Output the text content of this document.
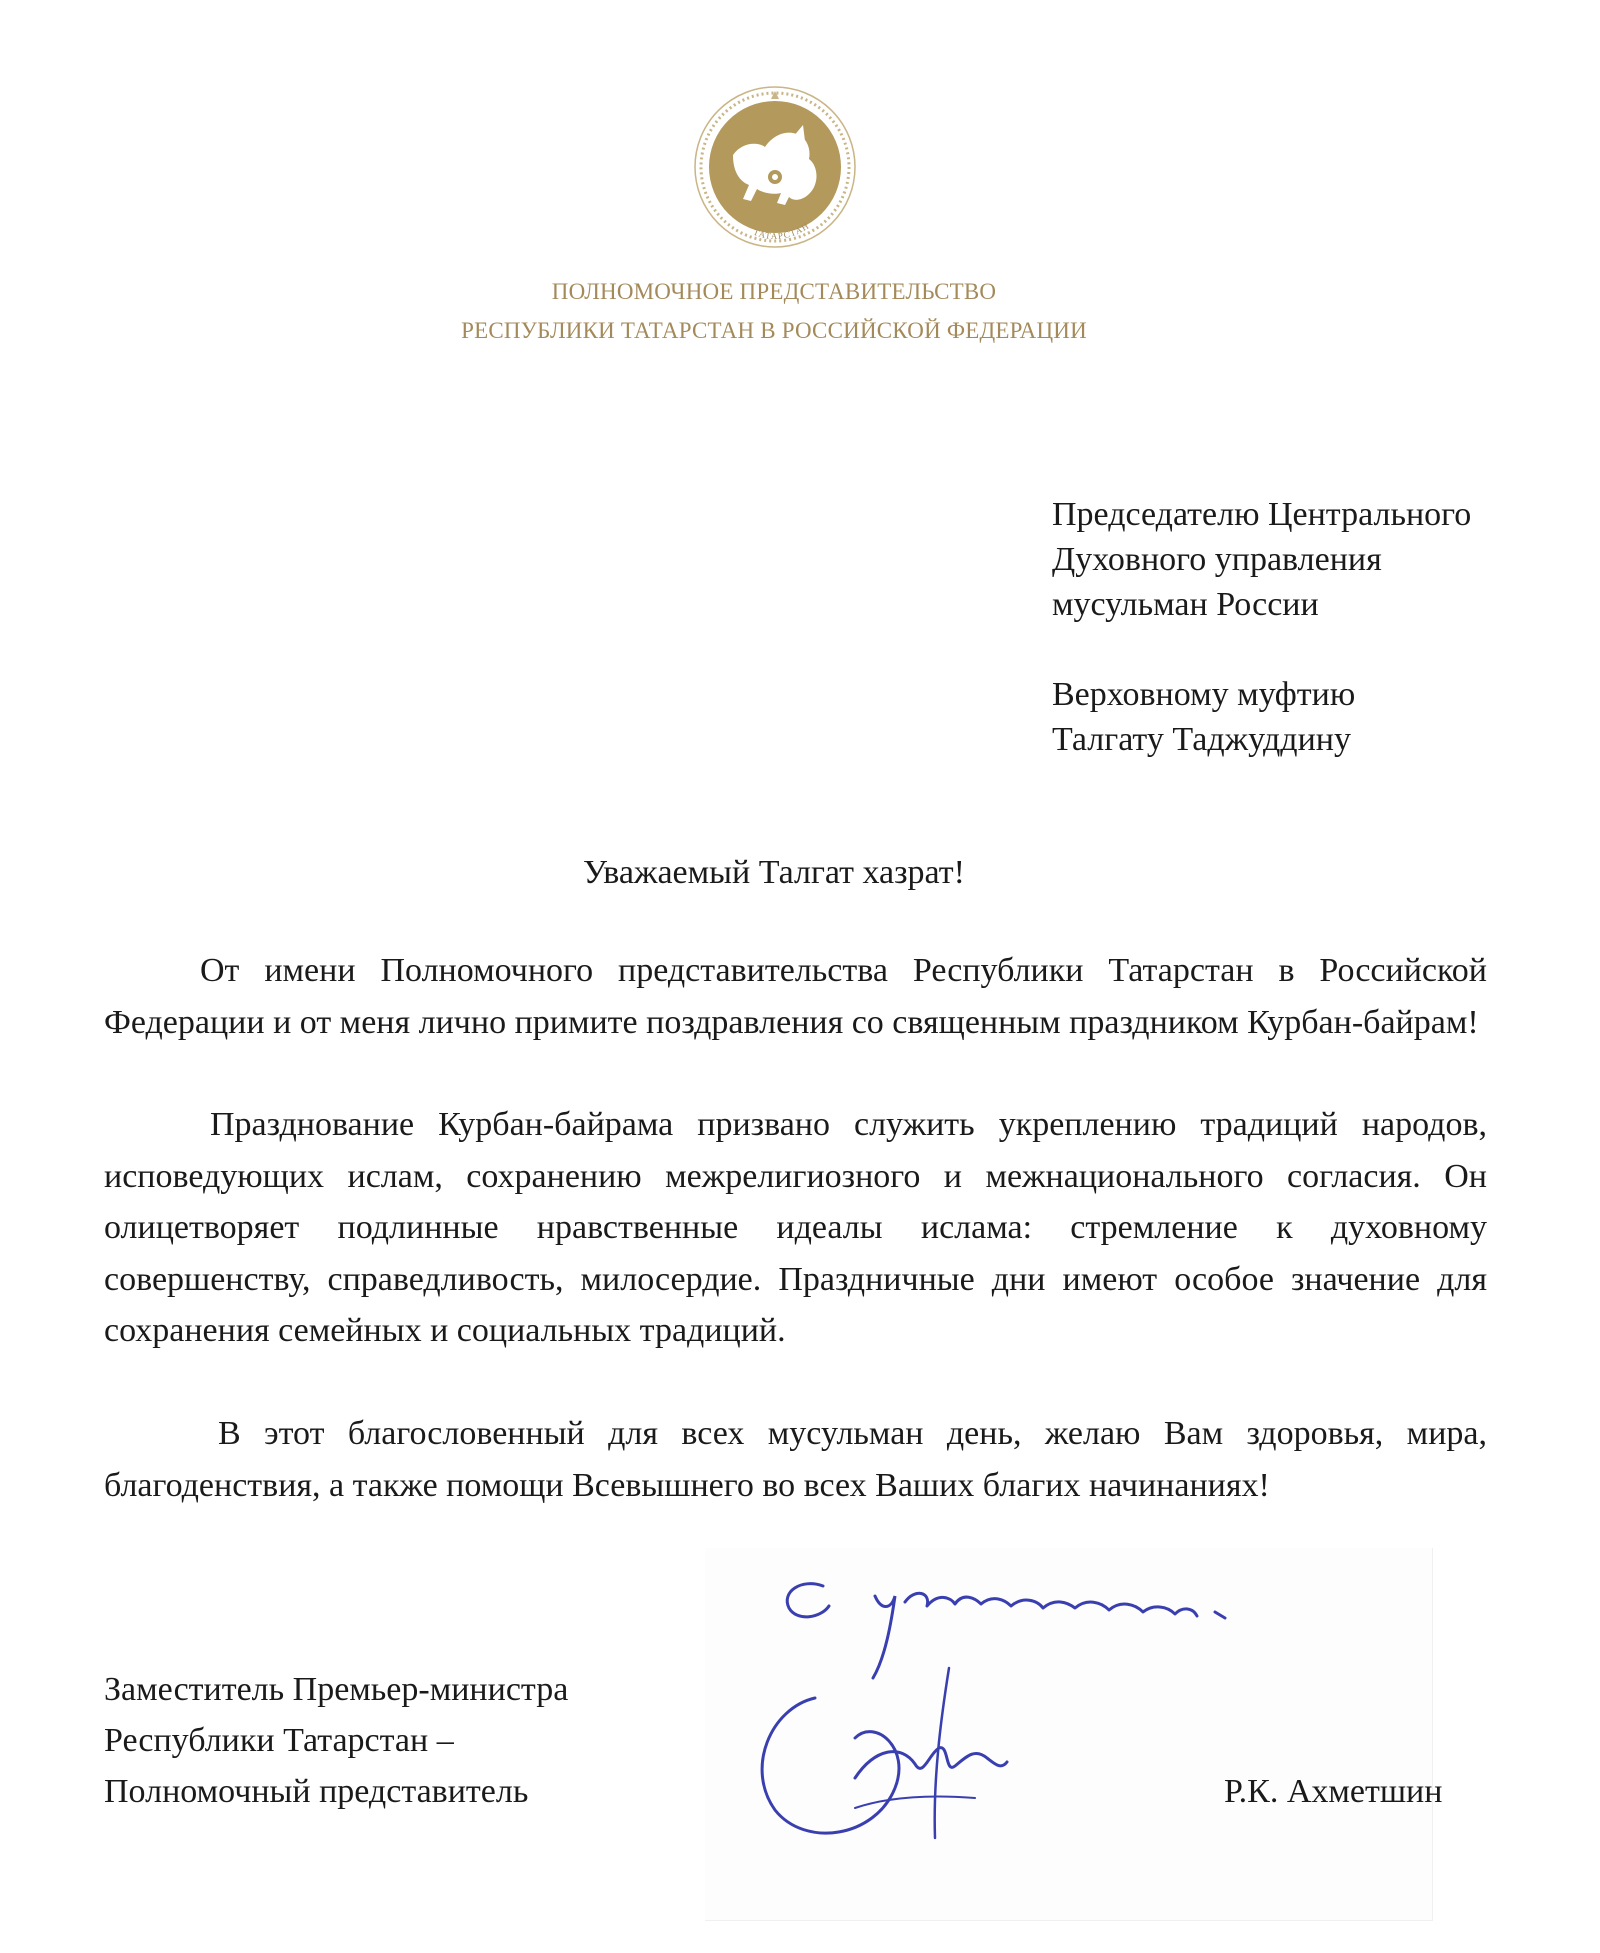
ТАТАРСТАН
ПОЛНОМОЧНОЕ ПРЕДСТАВИТЕЛЬСТВО
РЕСПУБЛИКИ ТАТАРСТАН В РОССИЙСКОЙ ФЕДЕРАЦИИ
Председателю Центрального
Духовного управления
мусульман России
Верховному муфтию
Талгату Таджуддину
Уважаемый Талгат хазрат!

От имени Полномочного представительства Республики Татарстан в Российской Федерации и от меня лично примите поздравления со священным праздником Курбан-байрам!

Празднование Курбан-байрама призвано служить укреплению традиций народов, исповедующих ислам, сохранению межрелигиозного и межнационального согласия. Он олицетворяет подлинные нравственные идеалы ислама: стремление к духовному совершенству, справедливость, милосердие. Праздничные дни имеют особое значение для сохранения семейных и социальных традиций.

В этот благословенный для всех мусульман день, желаю Вам здоровья, мира, благоденствия, а также помощи Всевышнего во всех Ваших благих начинаниях!

Заместитель Премьер-министра
Республики Татарстан –
Полномочный представитель	Р.К. Ахметшин
